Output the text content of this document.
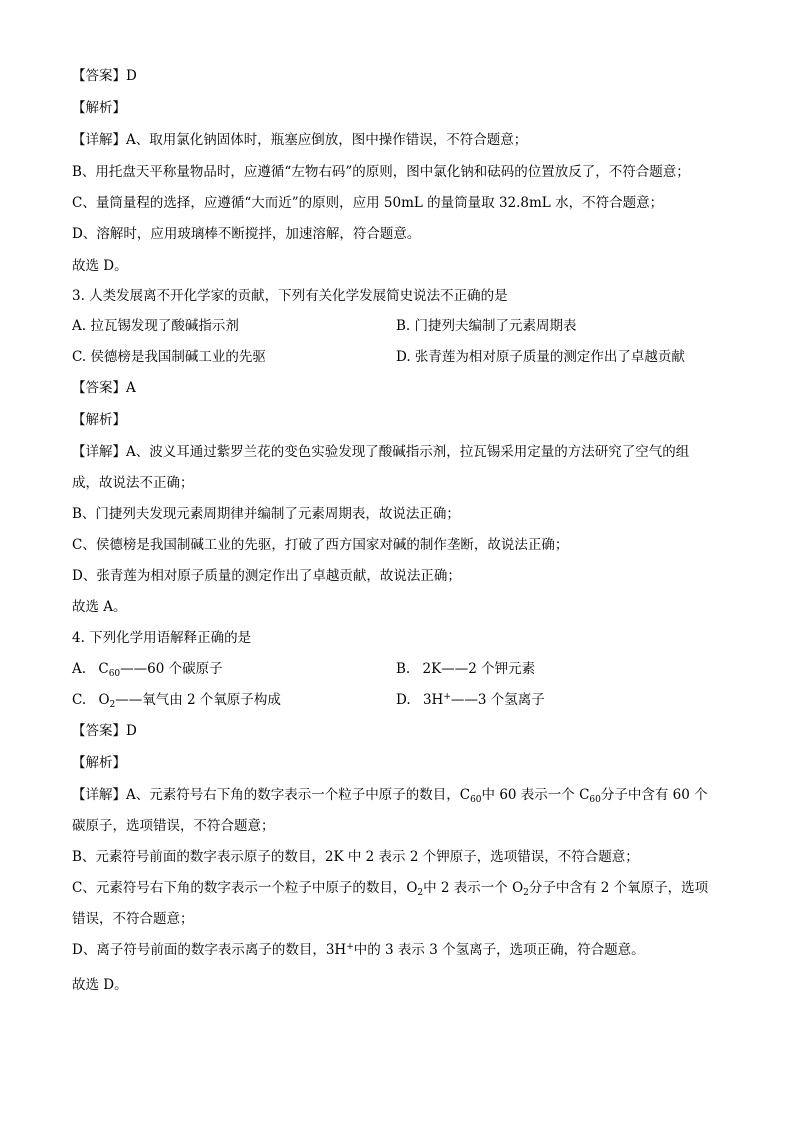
【答案】D
【解析】
【详解】A、取用氯化钠固体时，瓶塞应倒放，图中操作错误，不符合题意；
B、用托盘天平称量物品时，应遵循“左物右码”的原则，图中氯化钠和砝码的位置放反了，不符合题意；
C、量筒量程的选择，应遵循“大而近”的原则，应用 50mL 的量筒量取 32.8mL 水，不符合题意；
D、溶解时，应用玻璃棒不断搅拌，加速溶解，符合题意。
故选 D。
3. 人类发展离不开化学家的贡献，下列有关化学发展简史说法不正确的是
A. 拉瓦锡发现了酸碱指示剂	B. 门捷列夫编制了元素周期表
C. 侯德榜是我国制碱工业的先驱	D. 张青莲为相对原子质量的测定作出了卓越贡献
【答案】A
【解析】
【详解】A、波义耳通过紫罗兰花的变色实验发现了酸碱指示剂，拉瓦锡采用定量的方法研究了空气的组
成，故说法不正确；
B、门捷列夫发现元素周期律并编制了元素周期表，故说法正确；
C、侯德榜是我国制碱工业的先驱，打破了西方国家对碱的制作垄断，故说法正确；
D、张青莲为相对原子质量的测定作出了卓越贡献，故说法正确；
故选 A。
4. 下列化学用语解释正确的是
A. $C_{60}——60$ 个碳原子	B. 2K——2 个钾元素
C. $O_2——$氧气由 2 个氧原子构成	D. 3H+——3 个氢离子
【答案】D
【解析】
【详解】A、元素符号右下角的数字表示一个粒子中原子的数目，$C_{60}$中 60 表示一个 $C_{60}$分子中含有 60 个
碳原子，选项错误，不符合题意；
B、元素符号前面的数字表示原子的数目，2K 中 2 表示 2 个钾原子，选项错误，不符合题意；
C、元素符号右下角的数字表示一个粒子中原子的数目，$O_2$中 2 表示一个 $O_2$分子中含有 2 个氧原子，选项
错误，不符合题意；
D、离子符号前面的数字表示离子的数目，3H+中的 3 表示 3 个氢离子，选项正确，符合题意。
故选 D。
